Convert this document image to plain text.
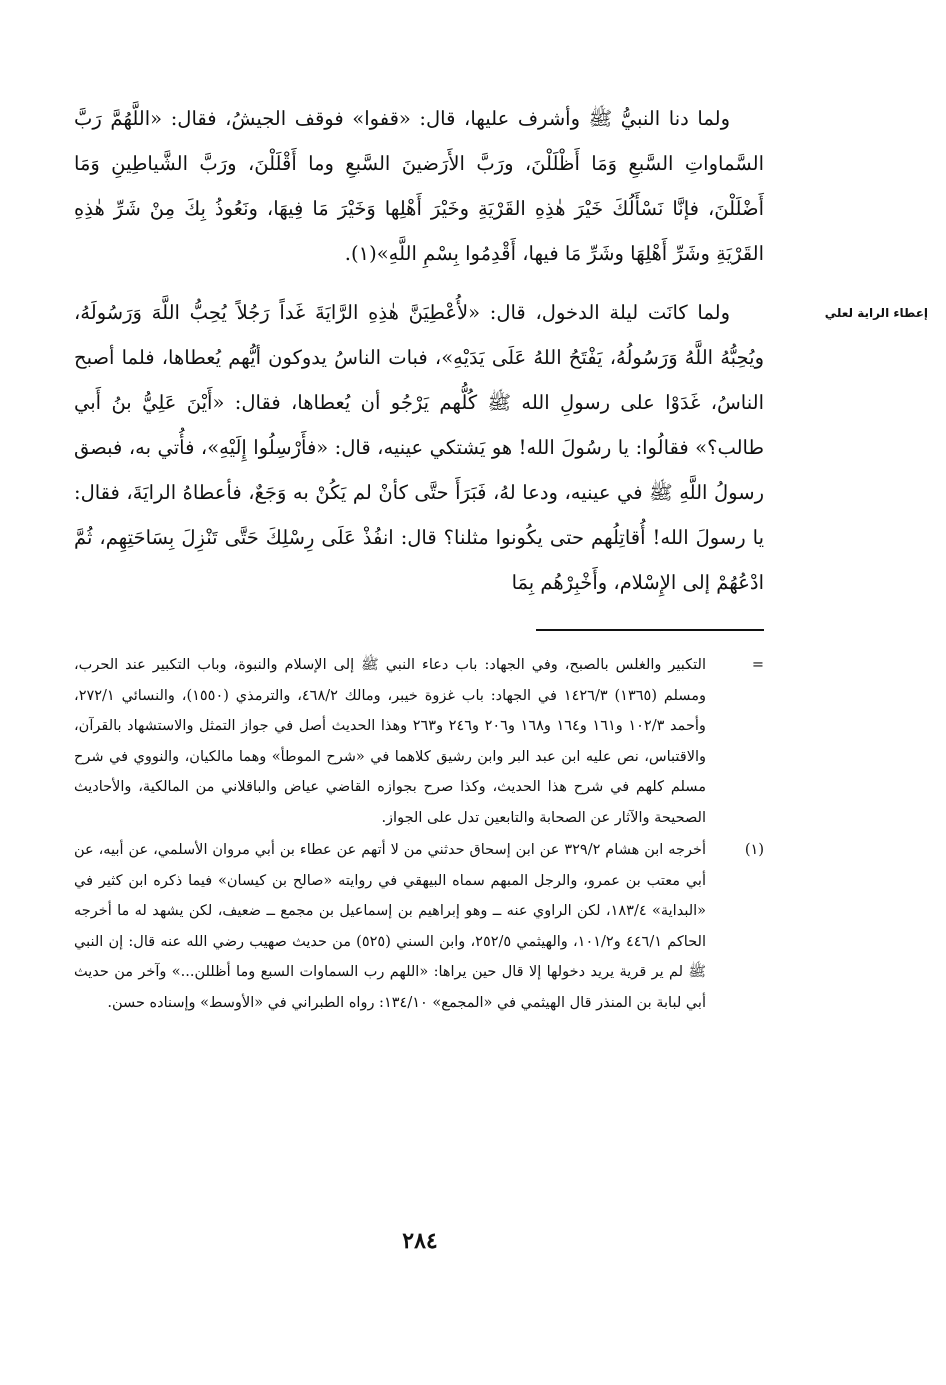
إعطاء الراية لعلي

ولما دنا النبيُّ ﷺ وأشرف عليها، قال: «قفوا» فوقف الجيشُ، فقال: «اللَّهُمَّ رَبَّ السَّماواتِ السَّبعِ وَمَا أَظْلَلْنَ، ورَبَّ الأَرَضينَ السَّبعِ وما أَقْلَلْنَ، ورَبَّ الشَّياطِينِ وَمَا أَضْلَلْنَ، فإنَّا نَسْأَلُكَ خَيْرَ هٰذِهِ القَرْيَةِ وخَيْرَ أَهْلِها وَخَيْرَ مَا فِيهَا، ونَعُوذُ بِكَ مِنْ شَرِّ هٰذِهِ القَرْيَةِ وشَرِّ أَهْلِهَا وشَرِّ مَا فيها، أَقْدِمُوا بِسْمِ اللَّهِ»(١).

ولما كانَت ليلة الدخول، قال: «لأُعْطِيَنَّ هٰذِهِ الرَّايَةَ غَداً رَجُلاً يُحِبُّ اللَّهَ وَرَسُولَهُ، ويُحِبُّهُ اللَّهُ وَرَسُولُهُ، يَفْتَحُ اللهُ عَلَى يَدَيْهِ»، فبات الناسُ يدوكون أيُّهم يُعطاها، فلما أصبح الناسُ، غَدَوْا على رسولِ الله ﷺ كُلُّهم يَرْجُو أن يُعطاها، فقال: «أَيْنَ عَلِيُّ بنُ أَبي طالب؟» فقالُوا: يا رسُولَ الله! هو يَشتكي عينيه، قال: «فأَرْسِلُوا إِلَيْهِ»، فأُتي به، فبصق رسولُ اللَّهِ ﷺ في عينيه، ودعا لهُ، فَبَرَأَ حتَّى كأنْ لم يَكُنْ به وَجَعٌ، فأعطاهُ الرايَةَ، فقال: يا رسولَ الله! أُقاتِلُهم حتى يكُونوا مثلنا؟ قال: انفُذْ عَلَى رِسْلِكَ حَتَّى تَنْزِلَ بِسَاحَتِهِم، ثُمَّ ادْعُهُمْ إلى الإِسْلام، وأَخْبِرْهُم بِمَا

=
التكبير والغلس بالصبح، وفي الجهاد: باب دعاء النبي ﷺ إلى الإسلام والنبوة، وباب التكبير عند الحرب، ومسلم (١٣٦٥) ١٤٢٦/٣ في الجهاد: باب غزوة خيبر، ومالك ٤٦٨/٢، والترمذي (١٥٥٠)، والنسائي ٢٧٢/١، وأحمد ١٠٢/٣ و١٦١ و١٦٤ و١٦٨ و٢٠٦ و٢٤٦ و٢٦٣ وهذا الحديث أصل في جواز التمثل والاستشهاد بالقرآن، والاقتباس، نص عليه ابن عبد البر وابن رشيق كلاهما في «شرح الموطأ» وهما مالكيان، والنووي في شرح مسلم كلهم في شرح هذا الحديث، وكذا صرح بجوازه القاضي عياض والباقلاني من المالكية، والأحاديث الصحيحة والآثار عن الصحابة والتابعين تدل على الجواز.
(١)
أخرجه ابن هشام ٣٢٩/٢ عن ابن إسحاق حدثني من لا أتهم عن عطاء بن أبي مروان الأسلمي، عن أبيه، عن أبي معتب بن عمرو، والرجل المبهم سماه البيهقي في روايته «صالح بن كيسان» فيما ذكره ابن كثير في «البداية» ١٨٣/٤، لكن الراوي عنه ــ وهو إبراهيم بن إسماعيل بن مجمع ــ ضعيف، لكن يشهد له ما أخرجه الحاكم ٤٤٦/١ و١٠١/٢، والهيثمي ٢٥٢/٥، وابن السني (٥٢٥) من حديث صهيب رضي الله عنه قال: إن النبي ﷺ لم ير قرية يريد دخولها إلا قال حين يراها: «اللهم رب السماوات السبع وما أظللن...» وآخر من حديث أبي لبابة بن المنذر قال الهيثمي في «المجمع» ١٣٤/١٠: رواه الطبراني في «الأوسط» وإسناده حسن.
٢٨٤
